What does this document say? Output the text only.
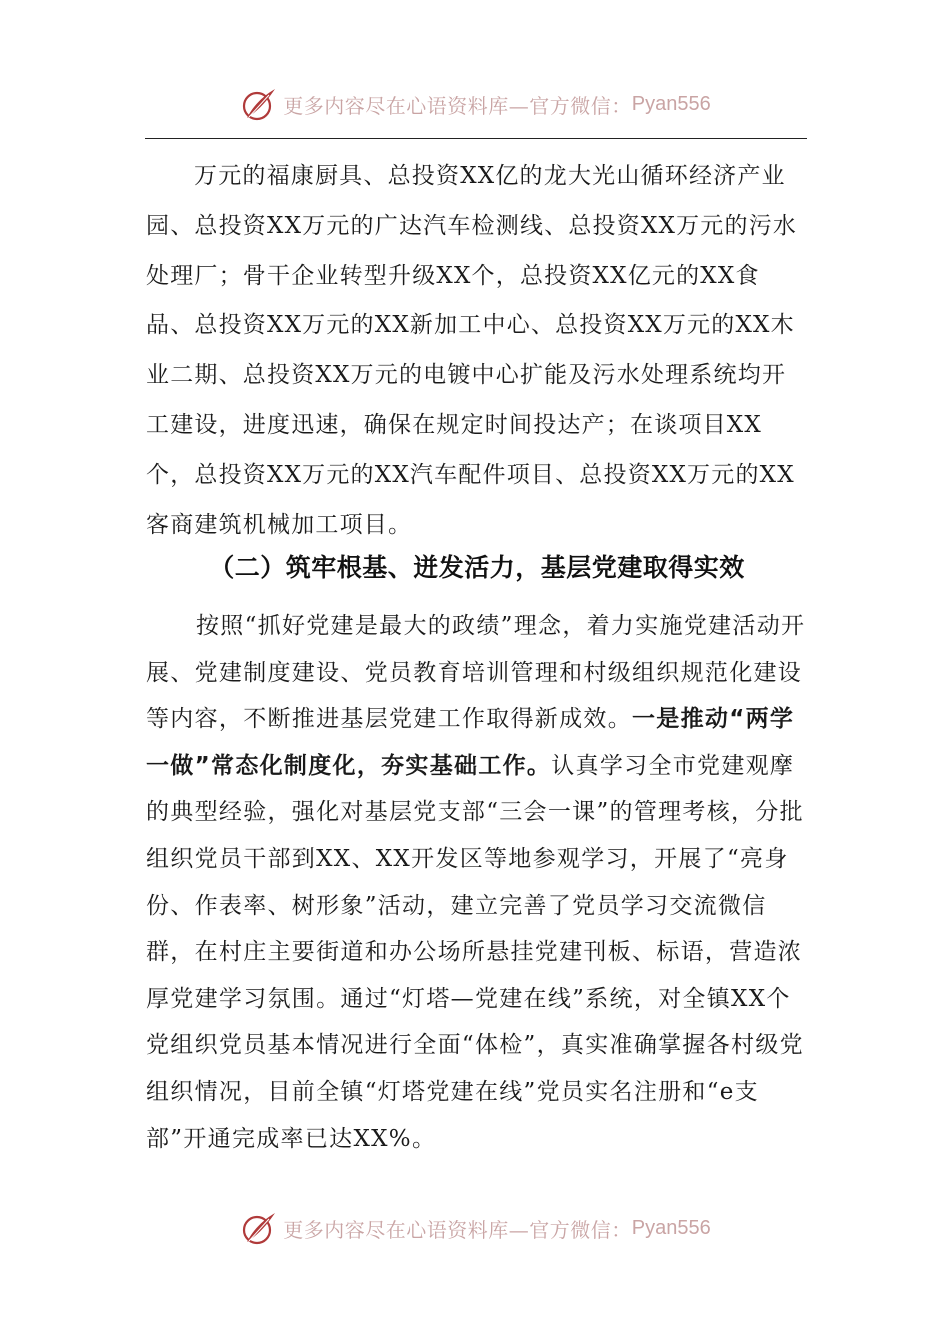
更多内容尽在心语资料库—官方微信： Pyan556
万元的福康厨具、总投资XX亿的龙大光山循环经济产业园、总投资XX万元的广达汽车检测线、总投资XX万元的污水处理厂；骨干企业转型升级XX个，总投资XX亿元的XX食品、总投资XX万元的XX新加工中心、总投资XX万元的XX木业二期、总投资XX万元的电镀中心扩能及污水处理系统均开工建设，进度迅速，确保在规定时间投达产；在谈项目XX个，总投资XX万元的XX汽车配件项目、总投资XX万元的XX客商建筑机械加工项目。
（二）筑牢根基、迸发活力，基层党建取得实效
按照“抓好党建是最大的政绩”理念，着力实施党建活动开展、党建制度建设、党员教育培训管理和村级组织规范化建设等内容，不断推进基层党建工作取得新成效。一是推动“两学一做”常态化制度化，夯实基础工作。认真学习全市党建观摩的典型经验，强化对基层党支部“三会一课”的管理考核，分批组织党员干部到XX、XX开发区等地参观学习，开展了“亮身份、作表率、树形象”活动，建立完善了党员学习交流微信群，在村庄主要街道和办公场所悬挂党建刊板、标语，营造浓厚党建学习氛围。通过“灯塔—党建在线”系统，对全镇XX个党组织党员基本情况进行全面“体检”，真实准确掌握各村级党组织情况，目前全镇“灯塔党建在线”党员实名注册和“e支部”开通完成率已达XX%。
更多内容尽在心语资料库—官方微信： Pyan556
